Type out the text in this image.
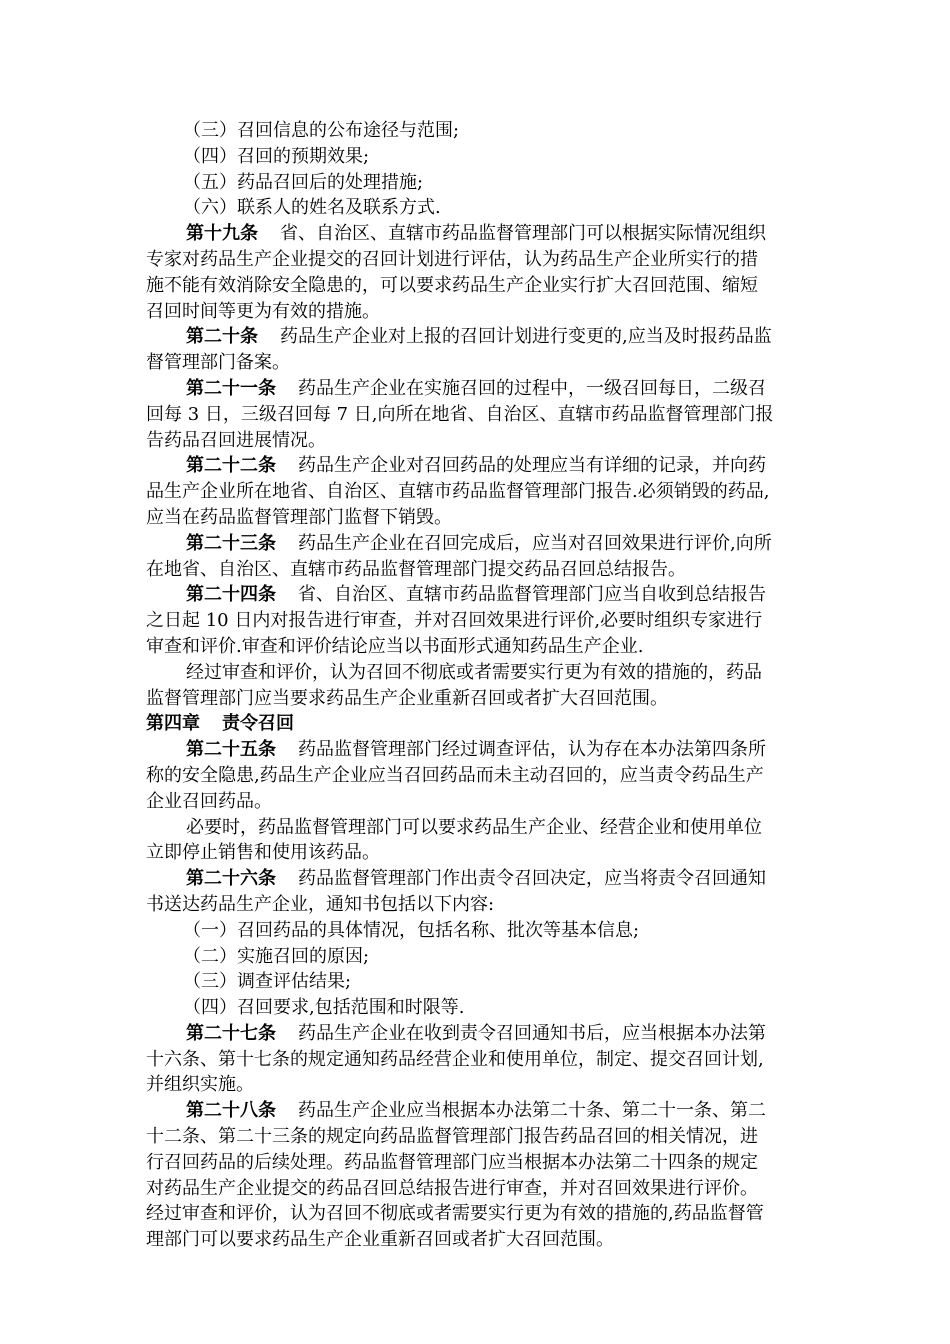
（三）召回信息的公布途径与范围;
（四）召回的预期效果;
（五）药品召回后的处理措施;
（六）联系人的姓名及联系方式.
第十九条 省、自治区、直辖市药品监督管理部门可以根据实际情况组织
专家对药品生产企业提交的召回计划进行评估，认为药品生产企业所实行的措
施不能有效消除安全隐患的，可以要求药品生产企业实行扩大召回范围、缩短
召回时间等更为有效的措施。
第二十条 药品生产企业对上报的召回计划进行变更的,应当及时报药品监
督管理部门备案。
第二十一条 药品生产企业在实施召回的过程中，一级召回每日，二级召
回每 3 日，三级召回每 7 日,向所在地省、自治区、直辖市药品监督管理部门报
告药品召回进展情况。
第二十二条 药品生产企业对召回药品的处理应当有详细的记录，并向药
品生产企业所在地省、自治区、直辖市药品监督管理部门报告.必须销毁的药品,
应当在药品监督管理部门监督下销毁。
第二十三条 药品生产企业在召回完成后，应当对召回效果进行评价,向所
在地省、自治区、直辖市药品监督管理部门提交药品召回总结报告。
第二十四条 省、自治区、直辖市药品监督管理部门应当自收到总结报告
之日起 10 日内对报告进行审查，并对召回效果进行评价,必要时组织专家进行
审查和评价.审查和评价结论应当以书面形式通知药品生产企业.
经过审查和评价，认为召回不彻底或者需要实行更为有效的措施的，药品
监督管理部门应当要求药品生产企业重新召回或者扩大召回范围。
第四章 责令召回
第二十五条 药品监督管理部门经过调查评估，认为存在本办法第四条所
称的安全隐患,药品生产企业应当召回药品而未主动召回的，应当责令药品生产
企业召回药品。
必要时，药品监督管理部门可以要求药品生产企业、经营企业和使用单位
立即停止销售和使用该药品。
第二十六条 药品监督管理部门作出责令召回决定，应当将责令召回通知
书送达药品生产企业，通知书包括以下内容:
（一）召回药品的具体情况，包括名称、批次等基本信息;
（二）实施召回的原因;
（三）调查评估结果;
（四）召回要求,包括范围和时限等.
第二十七条 药品生产企业在收到责令召回通知书后，应当根据本办法第
十六条、第十七条的规定通知药品经营企业和使用单位，制定、提交召回计划,
并组织实施。
第二十八条 药品生产企业应当根据本办法第二十条、第二十一条、第二
十二条、第二十三条的规定向药品监督管理部门报告药品召回的相关情况，进
行召回药品的后续处理。药品监督管理部门应当根据本办法第二十四条的规定
对药品生产企业提交的药品召回总结报告进行审查，并对召回效果进行评价。
经过审查和评价，认为召回不彻底或者需要实行更为有效的措施的,药品监督管
理部门可以要求药品生产企业重新召回或者扩大召回范围。
